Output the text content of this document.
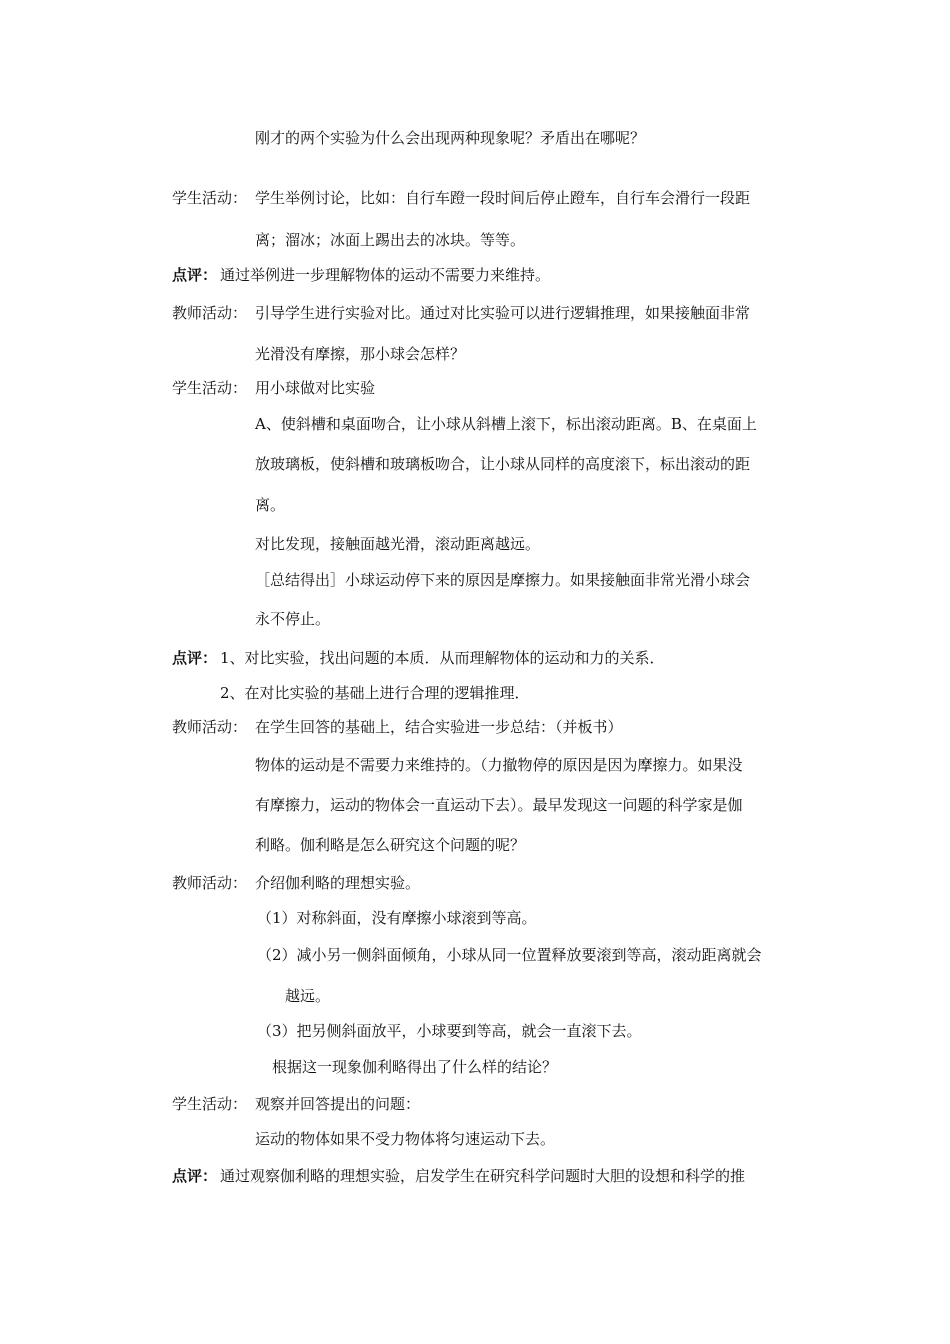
刚才的两个实验为什么会出现两种现象呢？矛盾出在哪呢？
学生活动： 学生举例讨论，比如：自行车蹬一段时间后停止蹬车，自行车会滑行一段距
离；溜冰；冰面上踢出去的冰块。等等。
点评： 通过举例进一步理解物体的运动不需要力来维持。
教师活动： 引导学生进行实验对比。通过对比实验可以进行逻辑推理，如果接触面非常
光滑没有摩擦，那小球会怎样？
学生活动： 用小球做对比实验
A、使斜槽和桌面吻合，让小球从斜槽上滚下，标出滚动距离。B、在桌面上
放玻璃板，使斜槽和玻璃板吻合，让小球从同样的高度滚下，标出滚动的距
离。
对比发现，接触面越光滑，滚动距离越远。
［总结得出］小球运动停下来的原因是摩擦力。如果接触面非常光滑小球会
永不停止。
点评： 1、对比实验，找出问题的本质．从而理解物体的运动和力的关系．
2、在对比实验的基础上进行合理的逻辑推理．
教师活动： 在学生回答的基础上，结合实验进一步总结：（并板书）
物体的运动是不需要力来维持的。（力撤物停的原因是因为摩擦力。如果没
有摩擦力，运动的物体会一直运动下去）。最早发现这一问题的科学家是伽
利略。伽利略是怎么研究这个问题的呢？
教师活动： 介绍伽利略的理想实验。
（1）对称斜面，没有摩擦小球滚到等高。
（2）减小另一侧斜面倾角，小球从同一位置释放要滚到等高，滚动距离就会
越远。
（3）把另侧斜面放平，小球要到等高，就会一直滚下去。
根据这一现象伽利略得出了什么样的结论？
学生活动： 观察并回答提出的问题：
运动的物体如果不受力物体将匀速运动下去。
点评： 通过观察伽利略的理想实验，启发学生在研究科学问题时大胆的设想和科学的推
